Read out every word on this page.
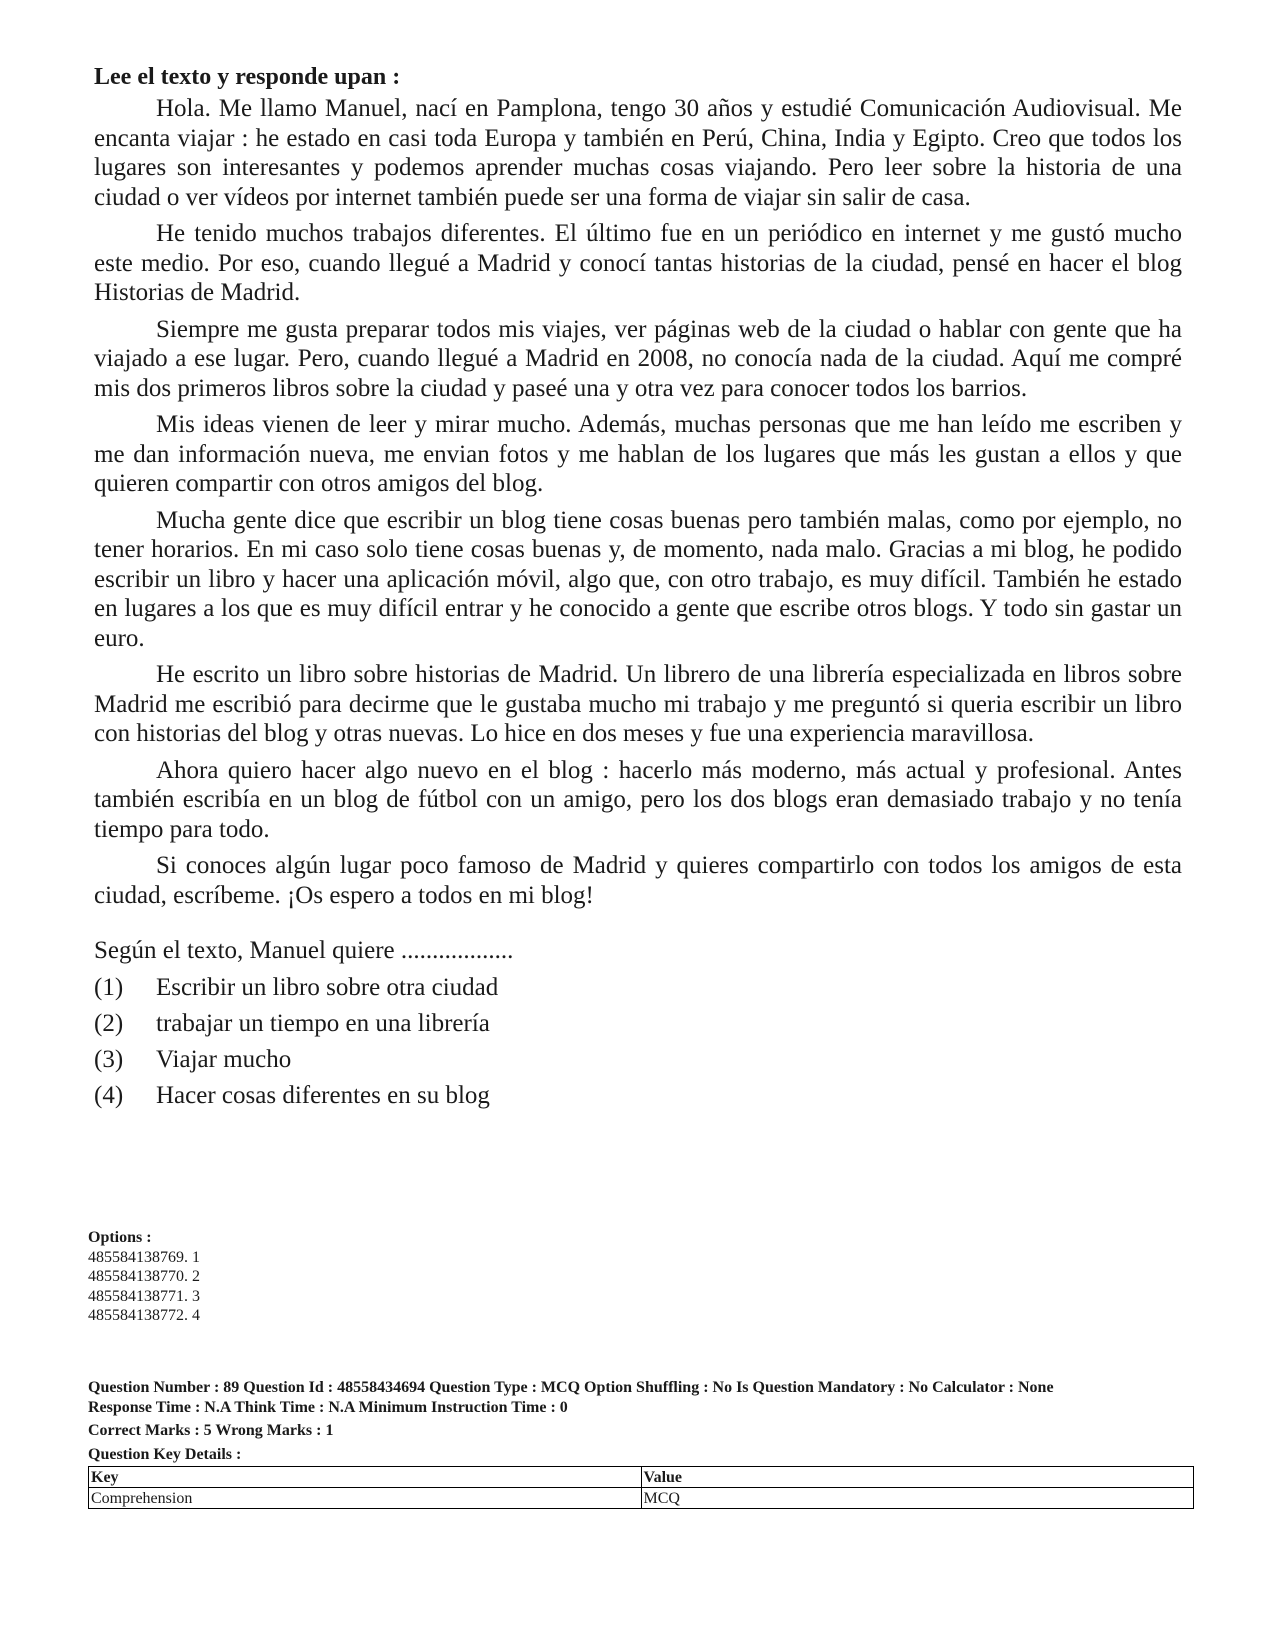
Lee el texto y responde upan :

Hola. Me llamo Manuel, nací en Pamplona, tengo 30 años y estudié Comunicación Audiovisual. Me encanta viajar : he estado en casi toda Europa y también en Perú, China, India y Egipto. Creo que todos los lugares son interesantes y podemos aprender muchas cosas viajando. Pero leer sobre la historia de una ciudad o ver vídeos por internet también puede ser una forma de viajar sin salir de casa.

He tenido muchos trabajos diferentes. El último fue en un periódico en internet y me gustó mucho este medio. Por eso, cuando llegué a Madrid y conocí tantas historias de la ciudad, pensé en hacer el blog Historias de Madrid.

Siempre me gusta preparar todos mis viajes, ver páginas web de la ciudad o hablar con gente que ha viajado a ese lugar. Pero, cuando llegué a Madrid en 2008, no conocía nada de la ciudad. Aquí me compré mis dos primeros libros sobre la ciudad y paseé una y otra vez para conocer todos los barrios.

Mis ideas vienen de leer y mirar mucho. Además, muchas personas que me han leído me escriben y me dan información nueva, me envian fotos y me hablan de los lugares que más les gustan a ellos y que quieren compartir con otros amigos del blog.

Mucha gente dice que escribir un blog tiene cosas buenas pero también malas, como por ejemplo, no tener horarios. En mi caso solo tiene cosas buenas y, de momento, nada malo. Gracias a mi blog, he podido escribir un libro y hacer una aplicación móvil, algo que, con otro trabajo, es muy difícil. También he estado en lugares a los que es muy difícil entrar y he conocido a gente que escribe otros blogs. Y todo sin gastar un euro.

He escrito un libro sobre historias de Madrid. Un librero de una librería especializada en libros sobre Madrid me escribió para decirme que le gustaba mucho mi trabajo y me preguntó si queria escribir un libro con historias del blog y otras nuevas. Lo hice en dos meses y fue una experiencia maravillosa.

Ahora quiero hacer algo nuevo en el blog : hacerlo más moderno, más actual y profesional. Antes también escribía en un blog de fútbol con un amigo, pero los dos blogs eran demasiado trabajo y no tenía tiempo para todo.

Si conoces algún lugar poco famoso de Madrid y quieres compartirlo con todos los amigos de esta ciudad, escríbeme. ¡Os espero a todos en mi blog!

Según el texto, Manuel quiere ..................
(1)	Escribir un libro sobre otra ciudad
(2)	trabajar un tiempo en una librería
(3)	Viajar mucho
(4)	Hacer cosas diferentes en su blog
Options :
485584138769. 1
485584138770. 2
485584138771. 3
485584138772. 4
Question Number : 89 Question Id : 48558434694 Question Type : MCQ Option Shuffling : No Is Question Mandatory : No Calculator : None
Response Time : N.A Think Time : N.A Minimum Instruction Time : 0
Correct Marks : 5 Wrong Marks : 1
Question Key Details :
Key	Value
Comprehension	MCQ
